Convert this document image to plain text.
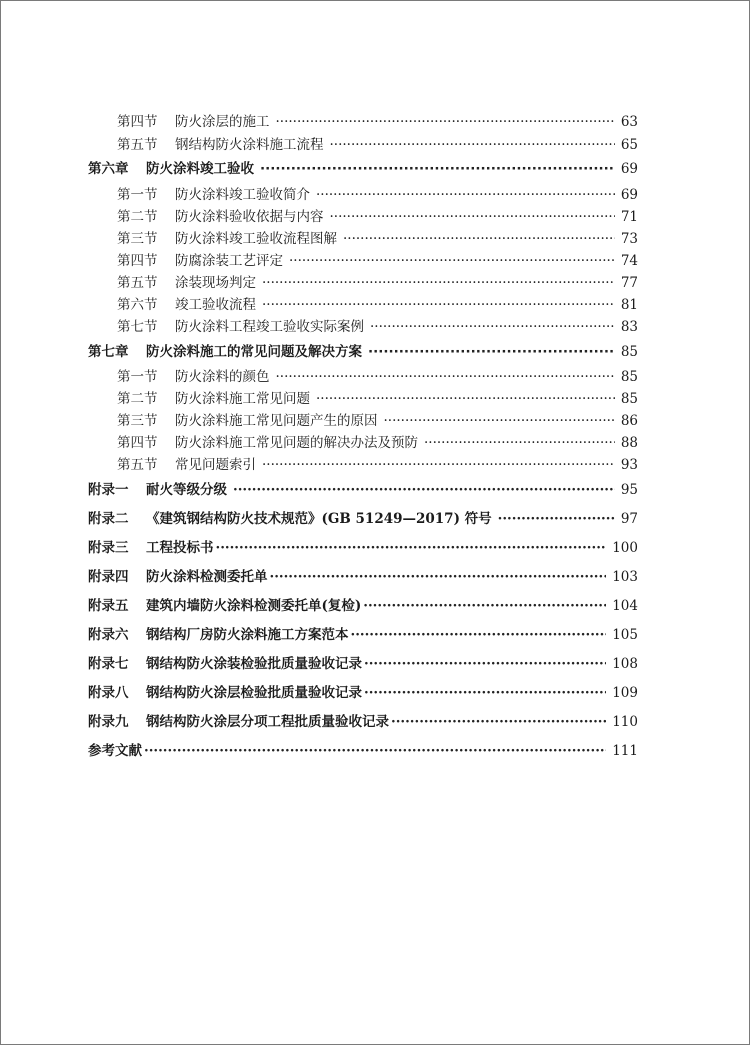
第四节	防火涂层的施工 ·····	63
第五节	钢结构防火涂料施工流程 ·····	65
第六章	防火涂料竣工验收 ·····	69
第一节	防火涂料竣工验收简介 ·····	69
第二节	防火涂料验收依据与内容 ·····	71
第三节	防火涂料竣工验收流程图解 ·····	73
第四节	防腐涂装工艺评定 ·····	74
第五节	涂装现场判定 ·····	77
第六节	竣工验收流程 ·····	81
第七节	防火涂料工程竣工验收实际案例 ·····	83
第七章	防火涂料施工的常见问题及解决方案 ·····	85
第一节	防火涂料的颜色 ·····	85
第二节	防火涂料施工常见问题 ·····	85
第三节	防火涂料施工常见问题产生的原因 ·····	86
第四节	防火涂料施工常见问题的解决办法及预防 ·····	88
第五节	常见问题索引 ·····	93
附录一	耐火等级分级 ·····	95
附录二	《建筑钢结构防火技术规范》(GB 51249—2017) 符号 ·····	97
附录三	工程投标书 ·····	100
附录四	防火涂料检测委托单 ·····	103
附录五	建筑内墙防火涂料检测委托单(复检) ·····	104
附录六	钢结构厂房防火涂料施工方案范本 ·····	105
附录七	钢结构防火涂装检验批质量验收记录 ·····	108
附录八	钢结构防火涂层检验批质量验收记录 ·····	109
附录九	钢结构防火涂层分项工程批质量验收记录 ·····	110
参考文献 ·····	111
